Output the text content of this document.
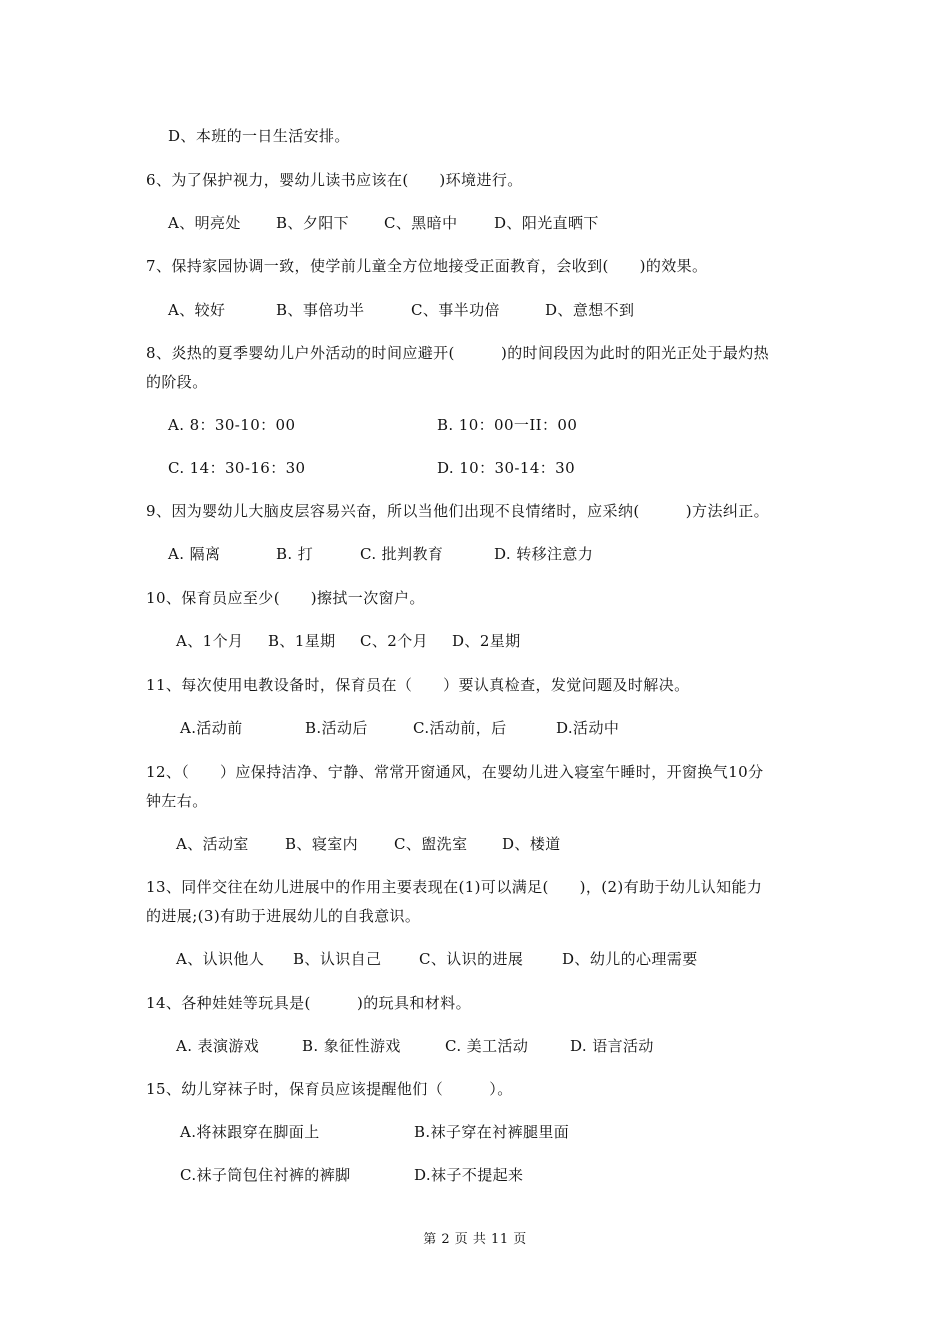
D、本班的一日生活安排。
6、为了保护视力，婴幼儿读书应该在(　　)环境进行。
A、明亮处 B、夕阳下 C、黑暗中 D、阳光直晒下
7、保持家园协调一致，使学前儿童全方位地接受正面教育，会收到(　　)的效果。
A、较好	B、事倍功半	C、事半功倍	D、意想不到
8、炎热的夏季婴幼儿户外活动的时间应避开(　　　)的时间段因为此时的阳光正处于最灼热
的阶段。
A. 8：30-10：00	B. 10：00一II：00
C. 14：30-16：30	D. 10：30-14：30
9、因为婴幼儿大脑皮层容易兴奋，所以当他们出现不良情绪时，应采纳(　　　)方法纠正。
A. 隔离	B. 打	C. 批判教育	D. 转移注意力
10、保育员应至少(　　)擦拭一次窗户。
A、1个月 B、1星期 C、2个月 D、2星期
11、每次使用电教设备时，保育员在（　　）要认真检查，发觉问题及时解决。
A.活动前	B.活动后	C.活动前，后	D.活动中
12、（　　）应保持洁净、宁静、常常开窗通风，在婴幼儿进入寝室午睡时，开窗换气10分
钟左右。
A、活动室 B、寝室内 C、盥洗室 D、楼道
13、同伴交往在幼儿进展中的作用主要表现在(1)可以满足(　　)，(2)有助于幼儿认知能力
的进展;(3)有助于进展幼儿的自我意识。
A、认识他人 B、认识自己	C、认识的进展	D、幼儿的心理需要
14、各种娃娃等玩具是(　　　)的玩具和材料。
A. 表演游戏	B. 象征性游戏	C. 美工活动	D. 语言活动
15、幼儿穿袜子时，保育员应该提醒他们（　　　）。
A.将袜跟穿在脚面上	B.袜子穿在衬裤腿里面
C.袜子筒包住衬裤的裤脚	D.袜子不提起来
第 2 页 共 11 页
